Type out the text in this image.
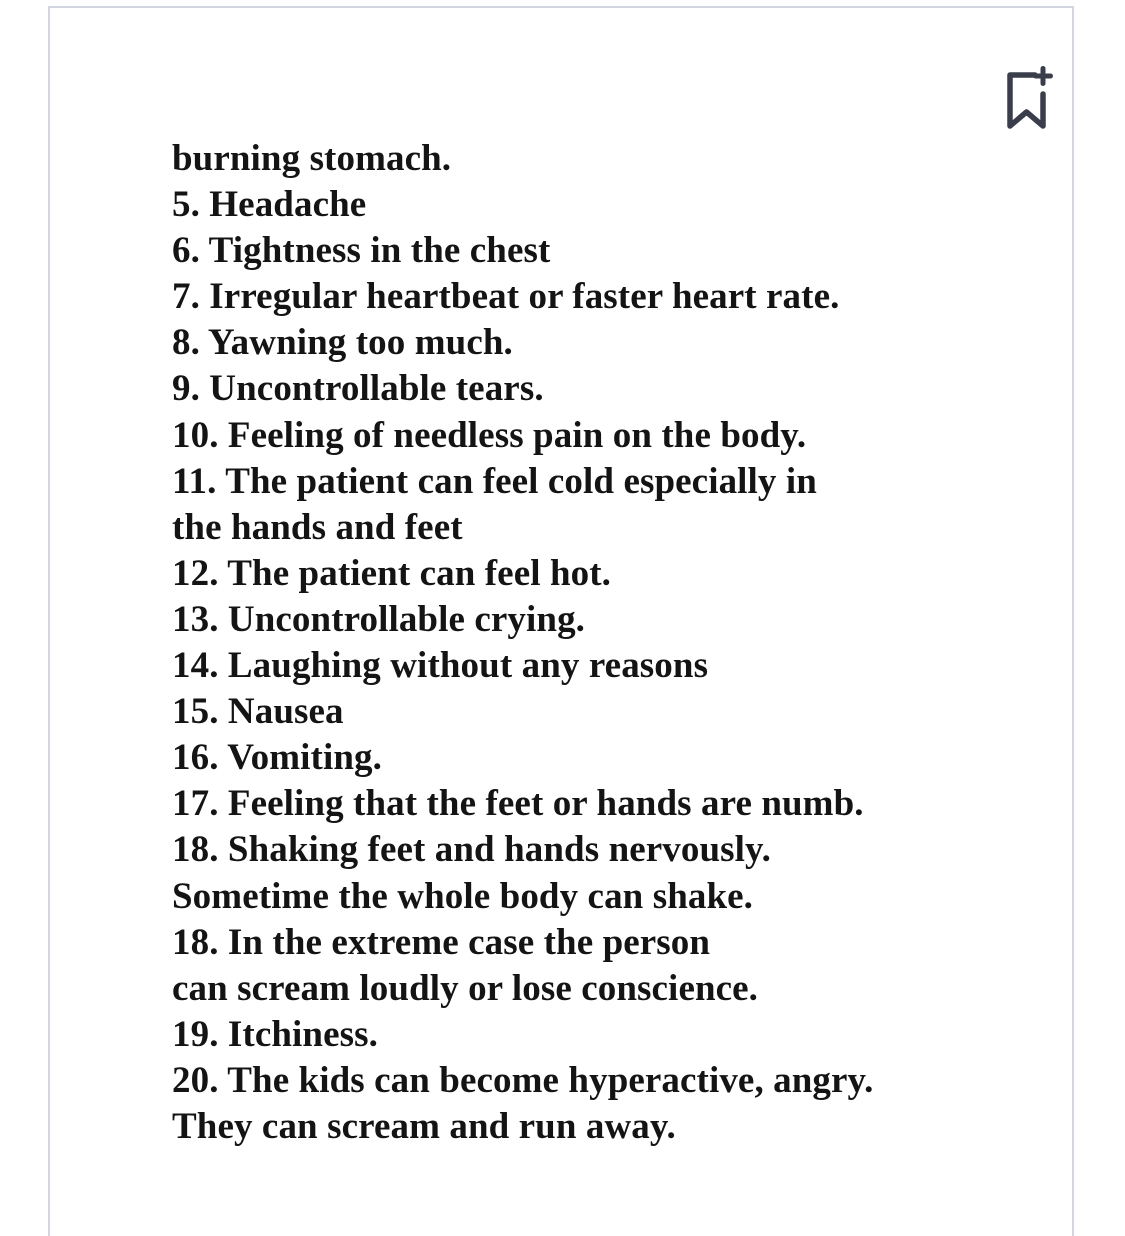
burning stomach.
5. Headache
6. Tightness in the chest
7. Irregular heartbeat or faster heart rate.
8. Yawning too much.
9. Uncontrollable tears.
10. Feeling of needless pain on the body.
11. The patient can feel cold especially in
the hands and feet
12. The patient can feel hot.
13. Uncontrollable crying.
14. Laughing without any reasons
15. Nausea
16. Vomiting.
17. Feeling that the feet or hands are numb.
18. Shaking feet and hands nervously.
Sometime the whole body can shake.
18. In the extreme case the person
can scream loudly or lose conscience.
19. Itchiness.
20. The kids can become hyperactive, angry.
They can scream and run away.
